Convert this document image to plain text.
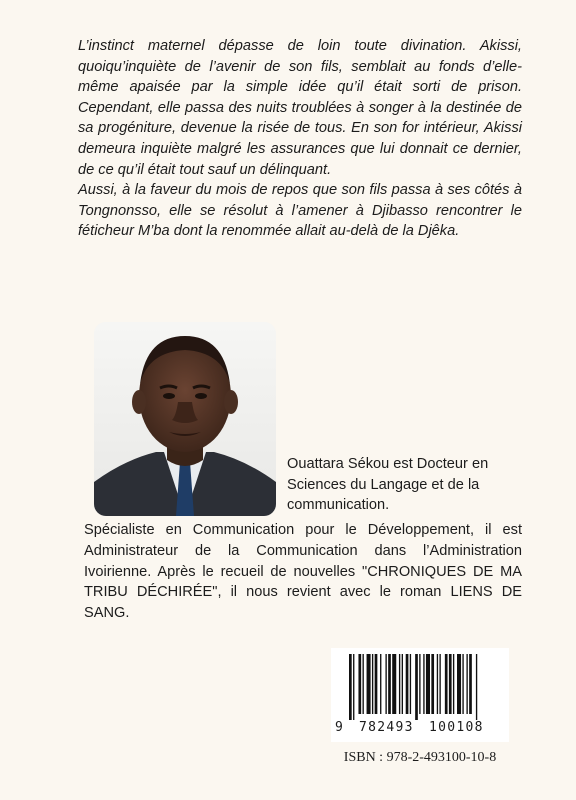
L’instinct maternel dépasse de loin toute divination. Akissi, quoiqu’inquiète de l’avenir de son fils, semblait au fonds d’elle-même apaisée par la simple idée qu’il était sorti de prison. Cependant, elle passa des nuits troublées à songer à la destinée de sa progéniture, devenue la risée de tous. En son for intérieur, Akissi demeura inquiète malgré les assurances que lui donnait ce dernier, de ce qu’il était tout sauf un délinquant.

Aussi, à la faveur du mois de repos que son fils passa à ses côtés à Tongnonsso, elle se résolut à l’amener à Djibasso rencontrer le féticheur M’ba dont la renommée allait au-delà de la Djêka.

Ouattara Sékou est Docteur en Sciences du Langage et de la communication.

Spécialiste en Communication pour le Développement, il est Administrateur de la Communication dans l’Administration Ivoirienne. Après le recueil de nouvelles "CHRONIQUES DE MA TRIBU DÉCHIRÉE", il nous revient avec le roman LIENS DE SANG.

9 782493 100108
ISBN : 978-2-493100-10-8
